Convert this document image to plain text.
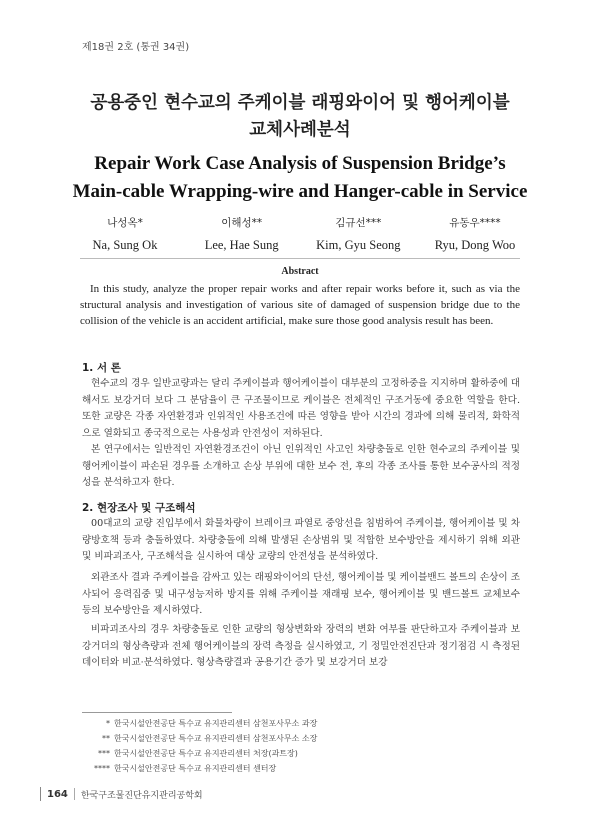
제18권 2호 (통권 34권)
공용중인 현수교의 주케이블 래핑와이어 및 행어케이블
교체사례분석
Repair Work Case Analysis of Suspension Bridge’s
Main-cable Wrapping-wire and Hanger-cable in Service
나성옥*
Na, Sung Ok
이해성**
Lee, Hae Sung
김규선***
Kim, Gyu Seong
유동우****
Ryu, Dong Woo
Abstract
In this study, analyze the proper repair works and after repair works before it, such as via the structural analysis and investigation of various site of damaged of suspension bridge due to the collision of the vehicle is an accident artificial, make sure those good analysis result has been.
1. 서 론
현수교의 경우 일반교량과는 달리 주케이블과 행어케이블이 대부분의 고정하중을 지지하며 활하중에 대해서도 보강거더 보다 그 분담율이 큰 구조물이므로 케이블은 전체적인 구조거동에 중요한 역할을 한다. 또한 교량은 각종 자연환경과 인위적인 사용조건에 따른 영향을 받아 시간의 경과에 의해 물리적, 화학적으로 열화되고 종국적으로는 사용성과 안전성이 저하된다.
본 연구에서는 일반적인 자연환경조건이 아닌 인위적인 사고인 차량충돌로 인한 현수교의 주케이블 및 행어케이블이 파손된 경우를 소개하고 손상 부위에 대한 보수 전, 후의 각종 조사를 통한 보수공사의 적정성을 분석하고자 한다.
2. 현장조사 및 구조해석
00대교의 교량 진입부에서 화물차량이 브레이크 파열로 중앙선을 침범하여 주케이블, 행어케이블 및 차량방호책 등과 충돌하였다. 차량충돌에 의해 발생된 손상범위 및 적합한 보수방안을 제시하기 위해 외관 및 비파괴조사, 구조해석을 실시하여 대상 교량의 안전성을 분석하였다.
외관조사 결과 주케이블을 감싸고 있는 래핑와이어의 단선, 행어케이블 및 케이블밴드 볼트의 손상이 조사되어 응력집중 및 내구성능저하 방지를 위해 주케이블 재래핑 보수, 행어케이블 및 밴드볼트 교체보수 등의 보수방안을 제시하였다.
비파괴조사의 경우 차량충돌로 인한 교량의 형상변화와 장력의 변화 여부를 판단하고자 주케이블과 보강거더의 형상측량과 전체 행어케이블의 장력 측정을 실시하였고, 기 정밀안전진단과 정기점검 시 측정된 데이터와 비교·분석하였다. 형상측량결과 공용기간 증가 및 보강거더 보강
* 한국시설안전공단 특수교 유지관리센터 삼천포사무소 과장
** 한국시설안전공단 특수교 유지관리센터 삼천포사무소 소장
*** 한국시설안전공단 특수교 유지관리센터 처장(과트장)
**** 한국시설안전공단 특수교 유지관리센터 센터장
164 한국구조물진단유지관리공학회
